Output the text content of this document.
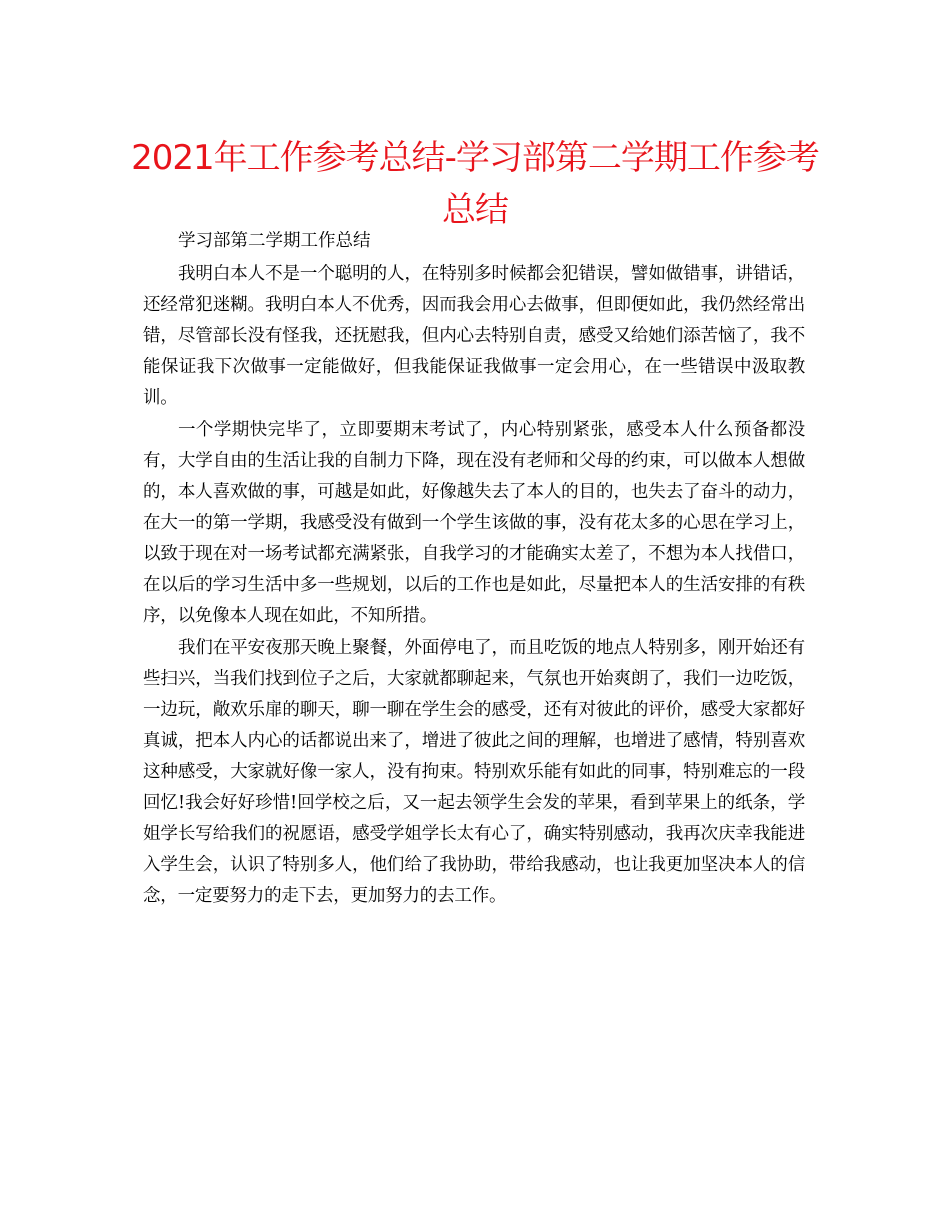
2021年工作参考总结-学习部第二学期工作参考总结

学习部第二学期工作总结

我明白本人不是一个聪明的人，在特别多时候都会犯错误，譬如做错事，讲错话，还经常犯迷糊。我明白本人不优秀，因而我会用心去做事，但即便如此，我仍然经常出错，尽管部长没有怪我，还抚慰我，但内心去特别自责，感受又给她们添苦恼了，我不能保证我下次做事一定能做好，但我能保证我做事一定会用心，在一些错误中汲取教训。

一个学期快完毕了，立即要期末考试了，内心特别紧张，感受本人什么预备都没有，大学自由的生活让我的自制力下降，现在没有老师和父母的约束，可以做本人想做的，本人喜欢做的事，可越是如此，好像越失去了本人的目的，也失去了奋斗的动力，在大一的第一学期，我感受没有做到一个学生该做的事，没有花太多的心思在学习上，以致于现在对一场考试都充满紧张，自我学习的才能确实太差了，不想为本人找借口，在以后的学习生活中多一些规划，以后的工作也是如此，尽量把本人的生活安排的有秩序，以免像本人现在如此，不知所措。

我们在平安夜那天晚上聚餐，外面停电了，而且吃饭的地点人特别多，刚开始还有些扫兴，当我们找到位子之后，大家就都聊起来，气氛也开始爽朗了，我们一边吃饭，一边玩，敞欢乐扉的聊天，聊一聊在学生会的感受，还有对彼此的评价，感受大家都好真诚，把本人内心的话都说出来了，增进了彼此之间的理解，也增进了感情，特别喜欢这种感受，大家就好像一家人，没有拘束。特别欢乐能有如此的同事，特别难忘的一段回忆!我会好好珍惜!回学校之后，又一起去领学生会发的苹果，看到苹果上的纸条，学姐学长写给我们的祝愿语，感受学姐学长太有心了，确实特别感动，我再次庆幸我能进入学生会，认识了特别多人，他们给了我协助，带给我感动，也让我更加坚决本人的信念，一定要努力的走下去，更加努力的去工作。
